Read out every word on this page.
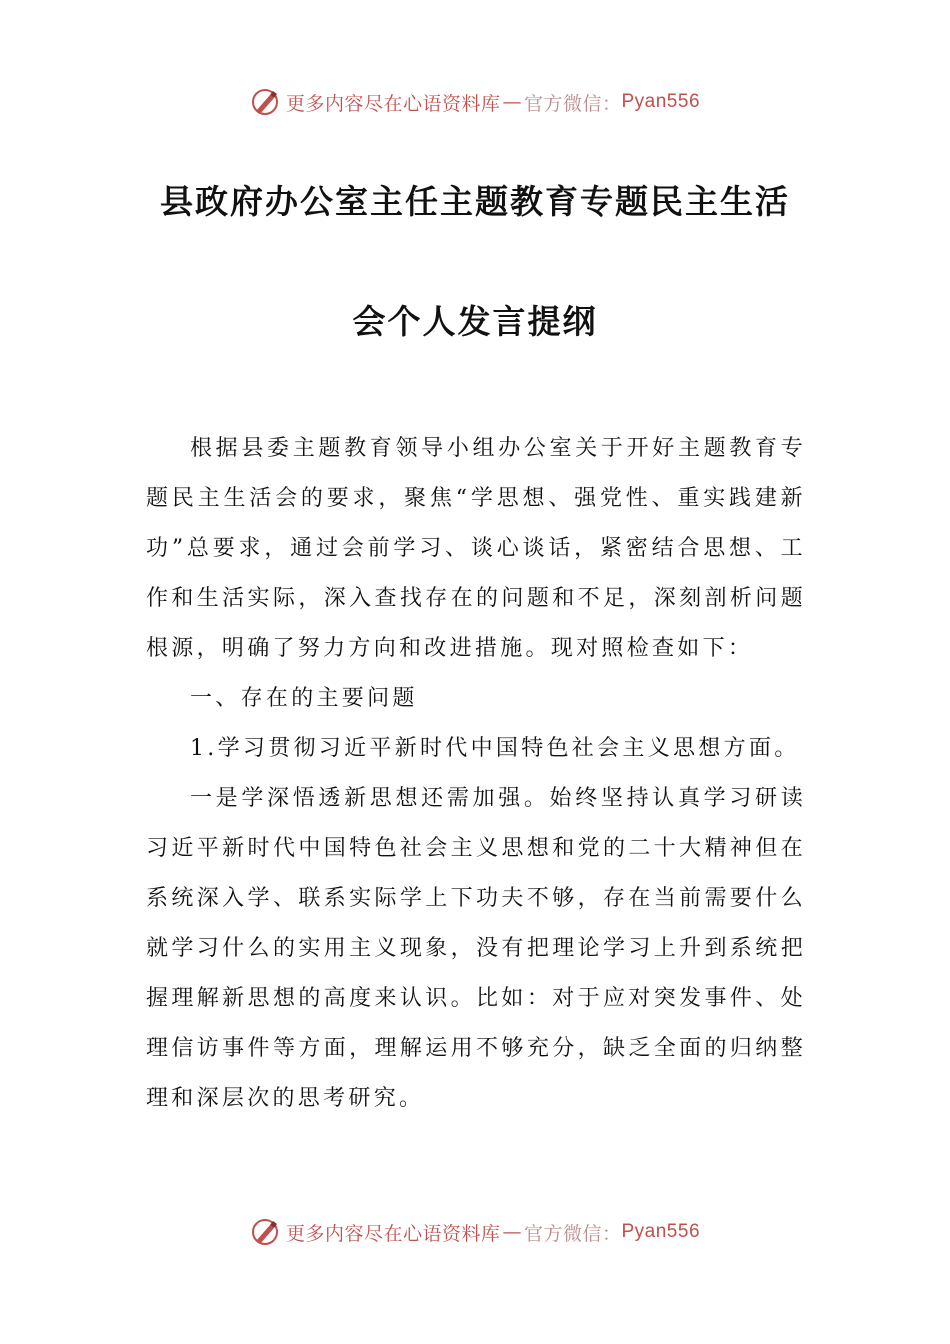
更多内容尽在心语资料库 — 官方微信： Pyan556
县政府办公室主任主题教育专题民主生活
会个人发言提纲

根据县委主题教育领导小组办公室关于开好主题教育专题民主生活会的要求，聚焦“学思想、强党性、重实践建新功”总要求，通过会前学习、谈心谈话，紧密结合思想、工作和生活实际，深入查找存在的问题和不足，深刻剖析问题根源，明确了努力方向和改进措施。现对照检查如下：

一、存在的主要问题

1.学习贯彻习近平新时代中国特色社会主义思想方面。

一是学深悟透新思想还需加强。始终坚持认真学习研读习近平新时代中国特色社会主义思想和党的二十大精神但在系统深入学、联系实际学上下功夫不够，存在当前需要什么就学习什么的实用主义现象，没有把理论学习上升到系统把握理解新思想的高度来认识。比如：对于应对突发事件、处理信访事件等方面，理解运用不够充分，缺乏全面的归纳整理和深层次的思考研究。

更多内容尽在心语资料库 — 官方微信： Pyan556
